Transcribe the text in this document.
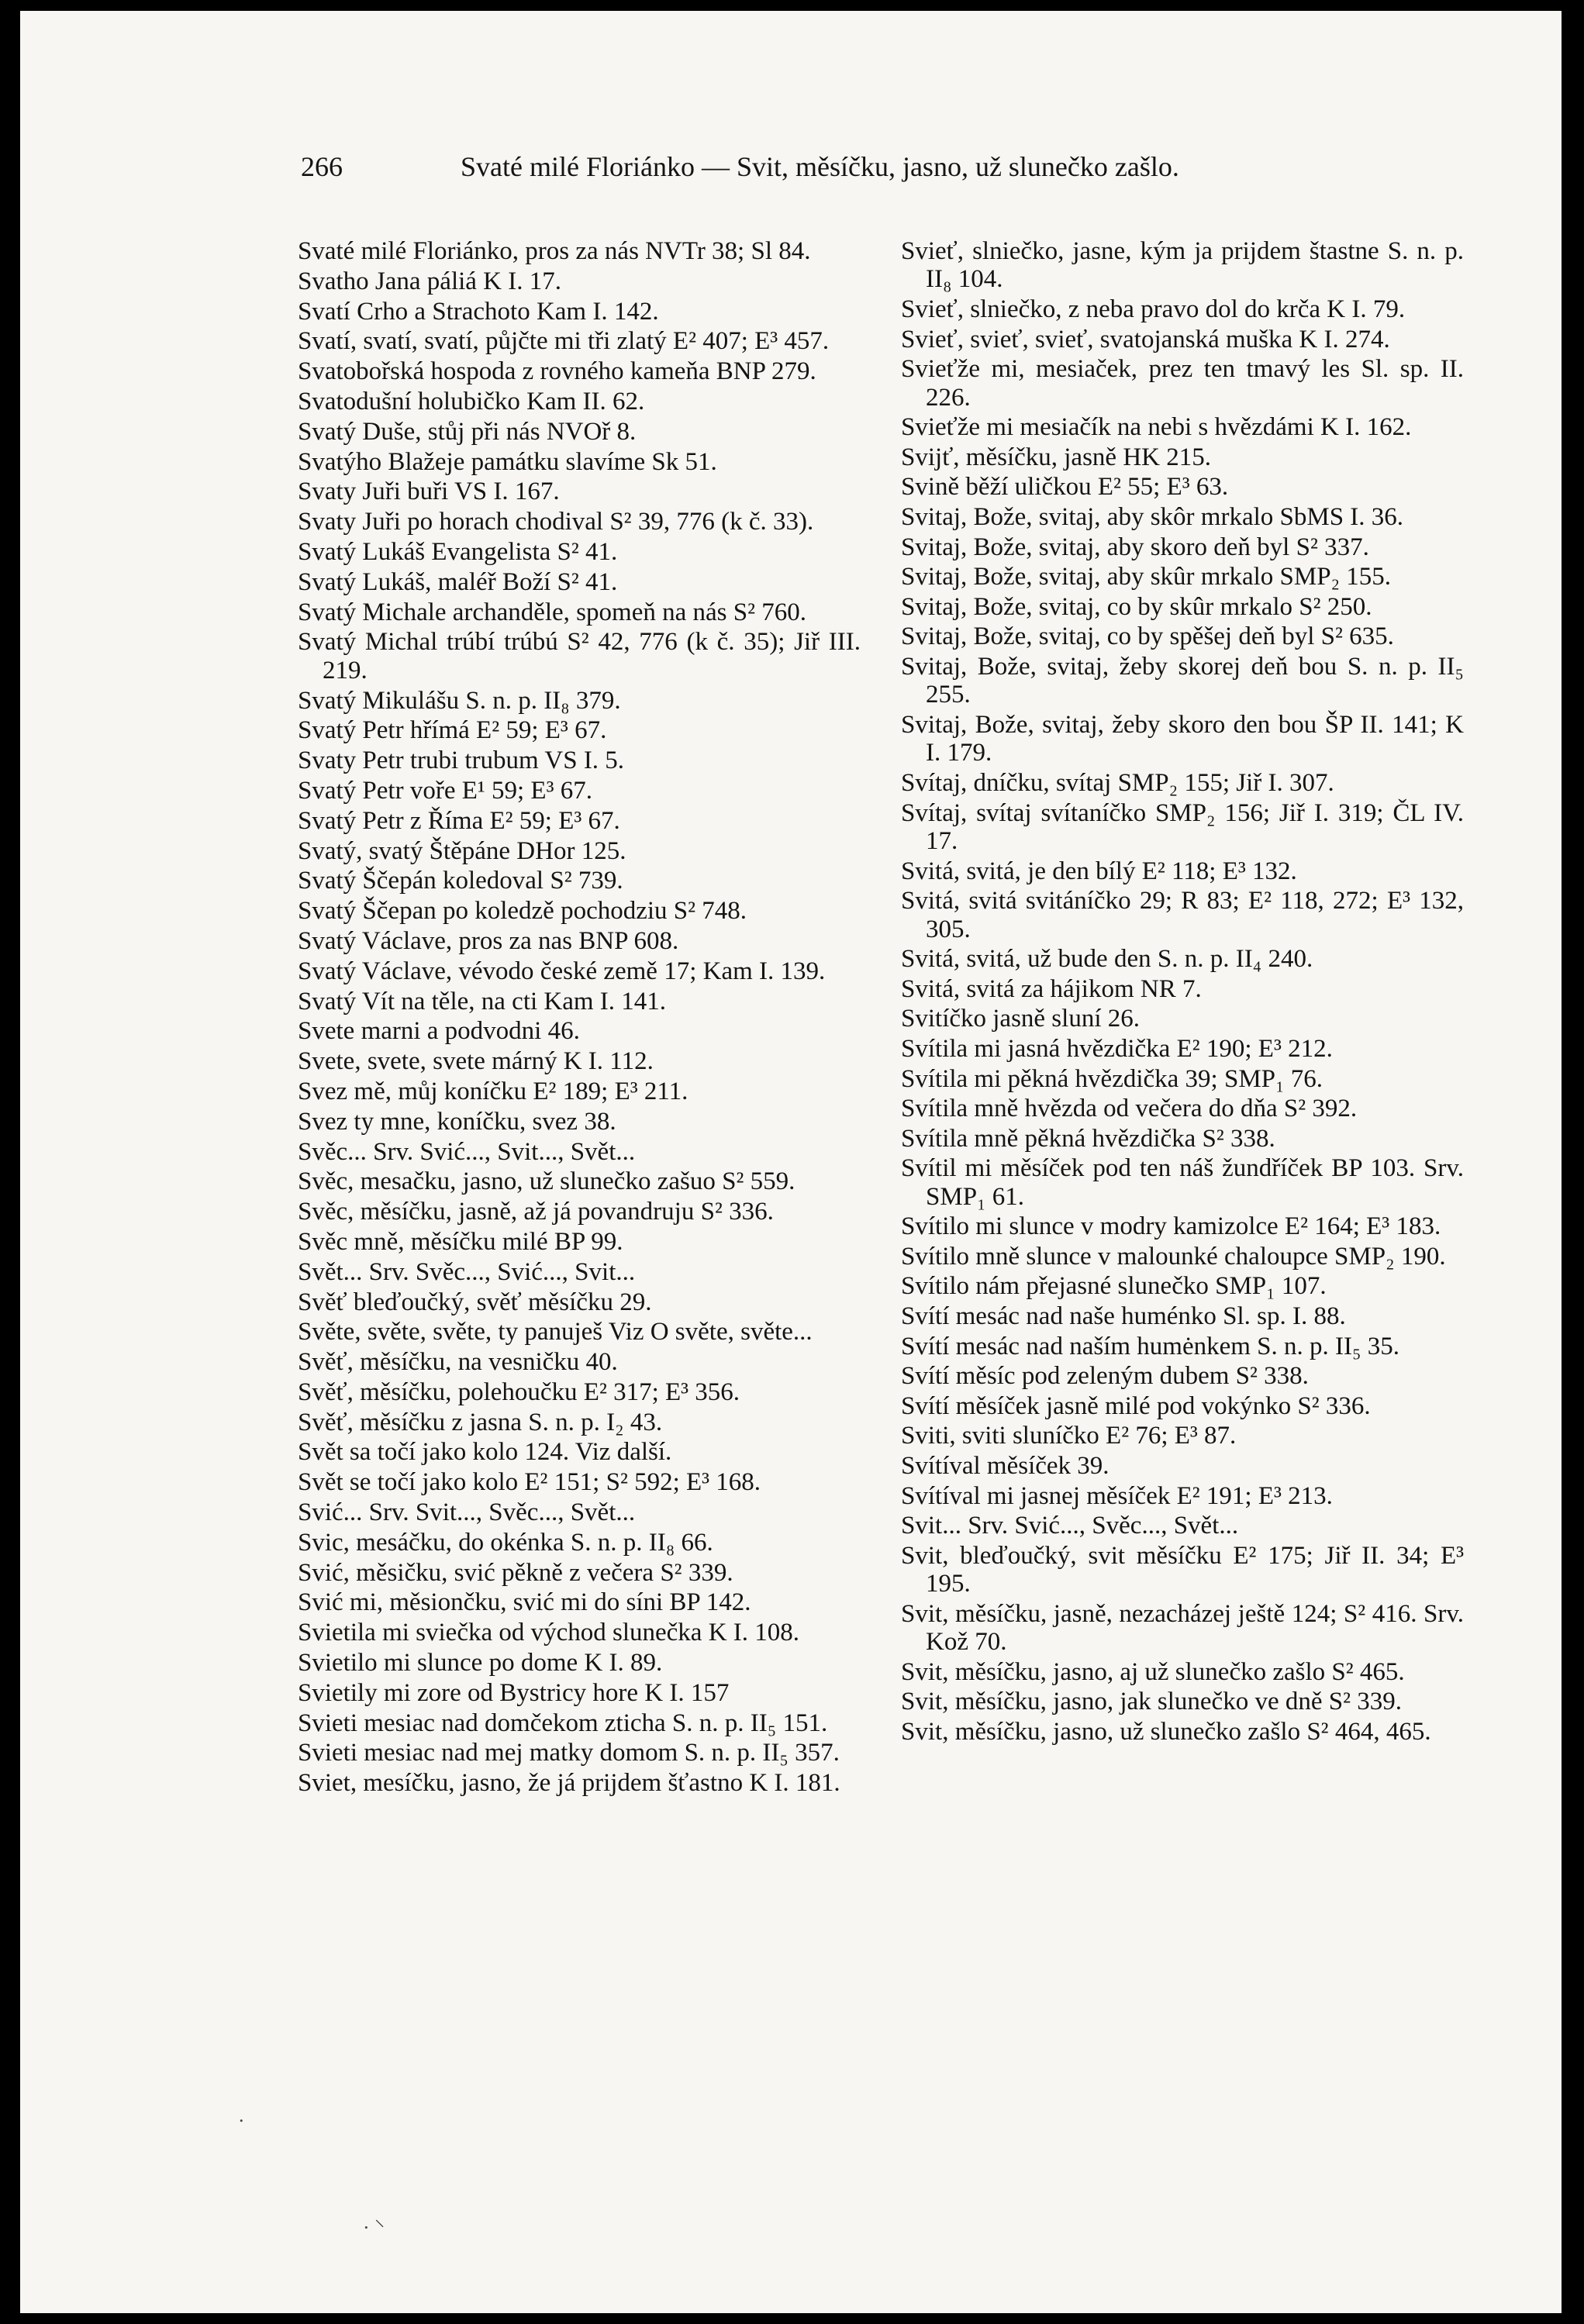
266	Svaté milé Floriánko — Svit, měsíčku, jasno, už slunečko zašlo.

Svaté milé Floriánko, pros za nás NVTr 38; Sl 84.

Svatho Jana páliá K I. 17.

Svatí Crho a Strachoto Kam I. 142.

Svatí, svatí, svatí, půjčte mi tři zlatý E² 407; E³ 457.

Svatobořská hospoda z rovného kameňa BNP 279.

Svatodušní holubičko Kam II. 62.

Svatý Duše, stůj při nás NVOř 8.

Svatýho Blažeje památku slavíme Sk 51.

Svaty Juři buři VS I. 167.

Svaty Juři po horach chodival S² 39, 776 (k č. 33).

Svatý Lukáš Evangelista S² 41.

Svatý Lukáš, maléř Boží S² 41.

Svatý Michale archanděle, spomeň na nás S² 760.

Svatý Michal trúbí trúbú S² 42, 776 (k č. 35); Jiř III. 219.

Svatý Mikulášu S. n. p. II₈ 379.

Svatý Petr hřímá E² 59; E³ 67.

Svaty Petr trubi trubum VS I. 5.

Svatý Petr voře E¹ 59; E³ 67.

Svatý Petr z Říma E² 59; E³ 67.

Svatý, svatý Štěpáne DHor 125.

Svatý Ščepán koledoval S² 739.

Svatý Ščepan po koledzě pochodziu S² 748.

Svatý Václave, pros za nas BNP 608.

Svatý Václave, vévodo české země 17; Kam I. 139.

Svatý Vít na těle, na cti Kam I. 141.

Svete marni a podvodni 46.

Svete, svete, svete márný K I. 112.

Svez mě, můj koníčku E² 189; E³ 211.

Svez ty mne, koníčku, svez 38.

Svěc... Srv. Svić..., Svit..., Svět...

Svěc, mesačku, jasno, už slunečko zašuo S² 559.

Svěc, měsíčku, jasně, až já povandruju S² 336.

Svěc mně, měsíčku milé BP 99.

Svět... Srv. Svěc..., Svić..., Svit...

Svěť bleďoučký, svěť měsíčku 29.

Světe, světe, světe, ty panuješ Viz O světe, světe...

Svěť, měsíčku, na vesničku 40.

Svěť, měsíčku, polehoučku E² 317; E³ 356.

Svěť, měsíčku z jasna S. n. p. I₂ 43.

Svět sa točí jako kolo 124. Viz další.

Svět se točí jako kolo E² 151; S² 592; E³ 168.

Svić... Srv. Svit..., Svěc..., Svět...

Svic, mesáčku, do okénka S. n. p. II₈ 66.

Svić, měsičku, svić pěkně z večera S² 339.

Svić mi, měsiončku, svić mi do síni BP 142.

Svietila mi sviečka od východ slunečka K I. 108.

Svietilo mi slunce po dome K I. 89.

Svietily mi zore od Bystricy hore K I. 157

Svieti mesiac nad domčekom zticha S. n. p. II₅ 151.

Svieti mesiac nad mej matky domom S. n. p. II₅ 357.

Sviet, mesíčku, jasno, že já prijdem šťastno K I. 181.

Svieť, slniečko, jasne, kým ja prijdem štastne S. n. p. II₈ 104.

Svieť, slniečko, z neba pravo dol do krča K I. 79.

Svieť, svieť, svieť, svatojanská muška K I. 274.

Svieťže mi, mesiaček, prez ten tmavý les Sl. sp. II. 226.

Svieťže mi mesiačík na nebi s hvězdámi K I. 162.

Svijť, měsíčku, jasně HK 215.

Svině běží uličkou E² 55; E³ 63.

Svitaj, Bože, svitaj, aby skôr mrkalo SbMS I. 36.

Svitaj, Bože, svitaj, aby skoro deň byl S² 337.

Svitaj, Bože, svitaj, aby skûr mrkalo SMP₂ 155.

Svitaj, Bože, svitaj, co by skûr mrkalo S² 250.

Svitaj, Bože, svitaj, co by spěšej deň byl S² 635.

Svitaj, Bože, svitaj, žeby skorej deň bou S. n. p. II₅ 255.

Svitaj, Bože, svitaj, žeby skoro den bou ŠP II. 141; K I. 179.

Svítaj, dníčku, svítaj SMP₂ 155; Jiř I. 307.

Svítaj, svítaj svítaníčko SMP₂ 156; Jiř I. 319; ČL IV. 17.

Svitá, svitá, je den bílý E² 118; E³ 132.

Svitá, svitá svitáníčko 29; R 83; E² 118, 272; E³ 132, 305.

Svitá, svitá, už bude den S. n. p. II₄ 240.

Svitá, svitá za hájikom NR 7.

Svitíčko jasně sluní 26.

Svítila mi jasná hvězdička E² 190; E³ 212.

Svítila mi pěkná hvězdička 39; SMP₁ 76.

Svítila mně hvězda od večera do dňa S² 392.

Svítila mně pěkná hvězdička S² 338.

Svítil mi měsíček pod ten náš žundříček BP 103. Srv. SMP₁ 61.

Svítilo mi slunce v modry kamizolce E² 164; E³ 183.

Svítilo mně slunce v malounké chaloupce SMP₂ 190.

Svítilo nám přejasné slunečko SMP₁ 107.

Svítí mesác nad naše huménko Sl. sp. I. 88.

Svítí mesác nad naším humėnkem S. n. p. II₅ 35.

Svítí měsíc pod zeleným dubem S² 338.

Svítí měsíček jasně milé pod vokýnko S² 336.

Sviti, sviti sluníčko E² 76; E³ 87.

Svítíval měsíček 39.

Svítíval mi jasnej měsíček E² 191; E³ 213.

Svit... Srv. Svić..., Svěc..., Svět...

Svit, bleďoučký, svit měsíčku E² 175; Jiř II. 34; E³ 195.

Svit, měsíčku, jasně, nezacházej ještě 124; S² 416. Srv. Kož 70.

Svit, měsíčku, jasno, aj už slunečko zašlo S² 465.

Svit, měsíčku, jasno, jak slunečko ve dně S² 339.

Svit, měsíčku, jasno, už slunečko zašlo S² 464, 465.

.
· ⸌
